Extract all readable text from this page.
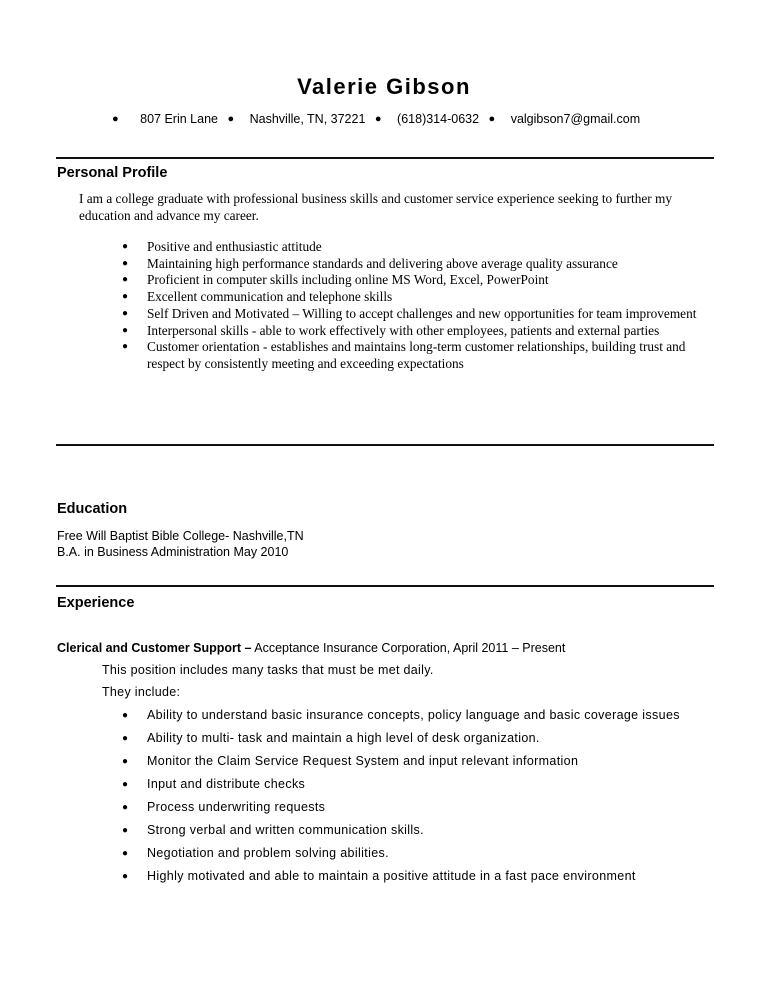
Valerie Gibson
● 807 Erin Lane ● Nashville, TN, 37221 ● (618)314-0632 ● valgibson7@gmail.com
Personal Profile
I am a college graduate with professional business skills and customer service experience seeking to further my education and advance my career.
● Positive and enthusiastic attitude
● Maintaining high performance standards and delivering above average quality assurance
● Proficient in computer skills including online MS Word, Excel, PowerPoint
● Excellent communication and telephone skills
● Self Driven and Motivated – Willing to accept challenges and new opportunities for team improvement
● Interpersonal skills - able to work effectively with other employees, patients and external parties
● Customer orientation - establishes and maintains long-term customer relationships, building trust and respect by consistently meeting and exceeding expectations
Education
Free Will Baptist Bible College- Nashville,TN
B.A. in Business Administration May 2010
Experience
Clerical and Customer Support – Acceptance Insurance Corporation, April 2011 – Present
This position includes many tasks that must be met daily.
They include:
● Ability to understand basic insurance concepts, policy language and basic coverage issues
● Ability to multi- task and maintain a high level of desk organization.
● Monitor the Claim Service Request System and input relevant information
● Input and distribute checks
● Process underwriting requests
● Strong verbal and written communication skills.
● Negotiation and problem solving abilities.
● Highly motivated and able to maintain a positive attitude in a fast pace environment
